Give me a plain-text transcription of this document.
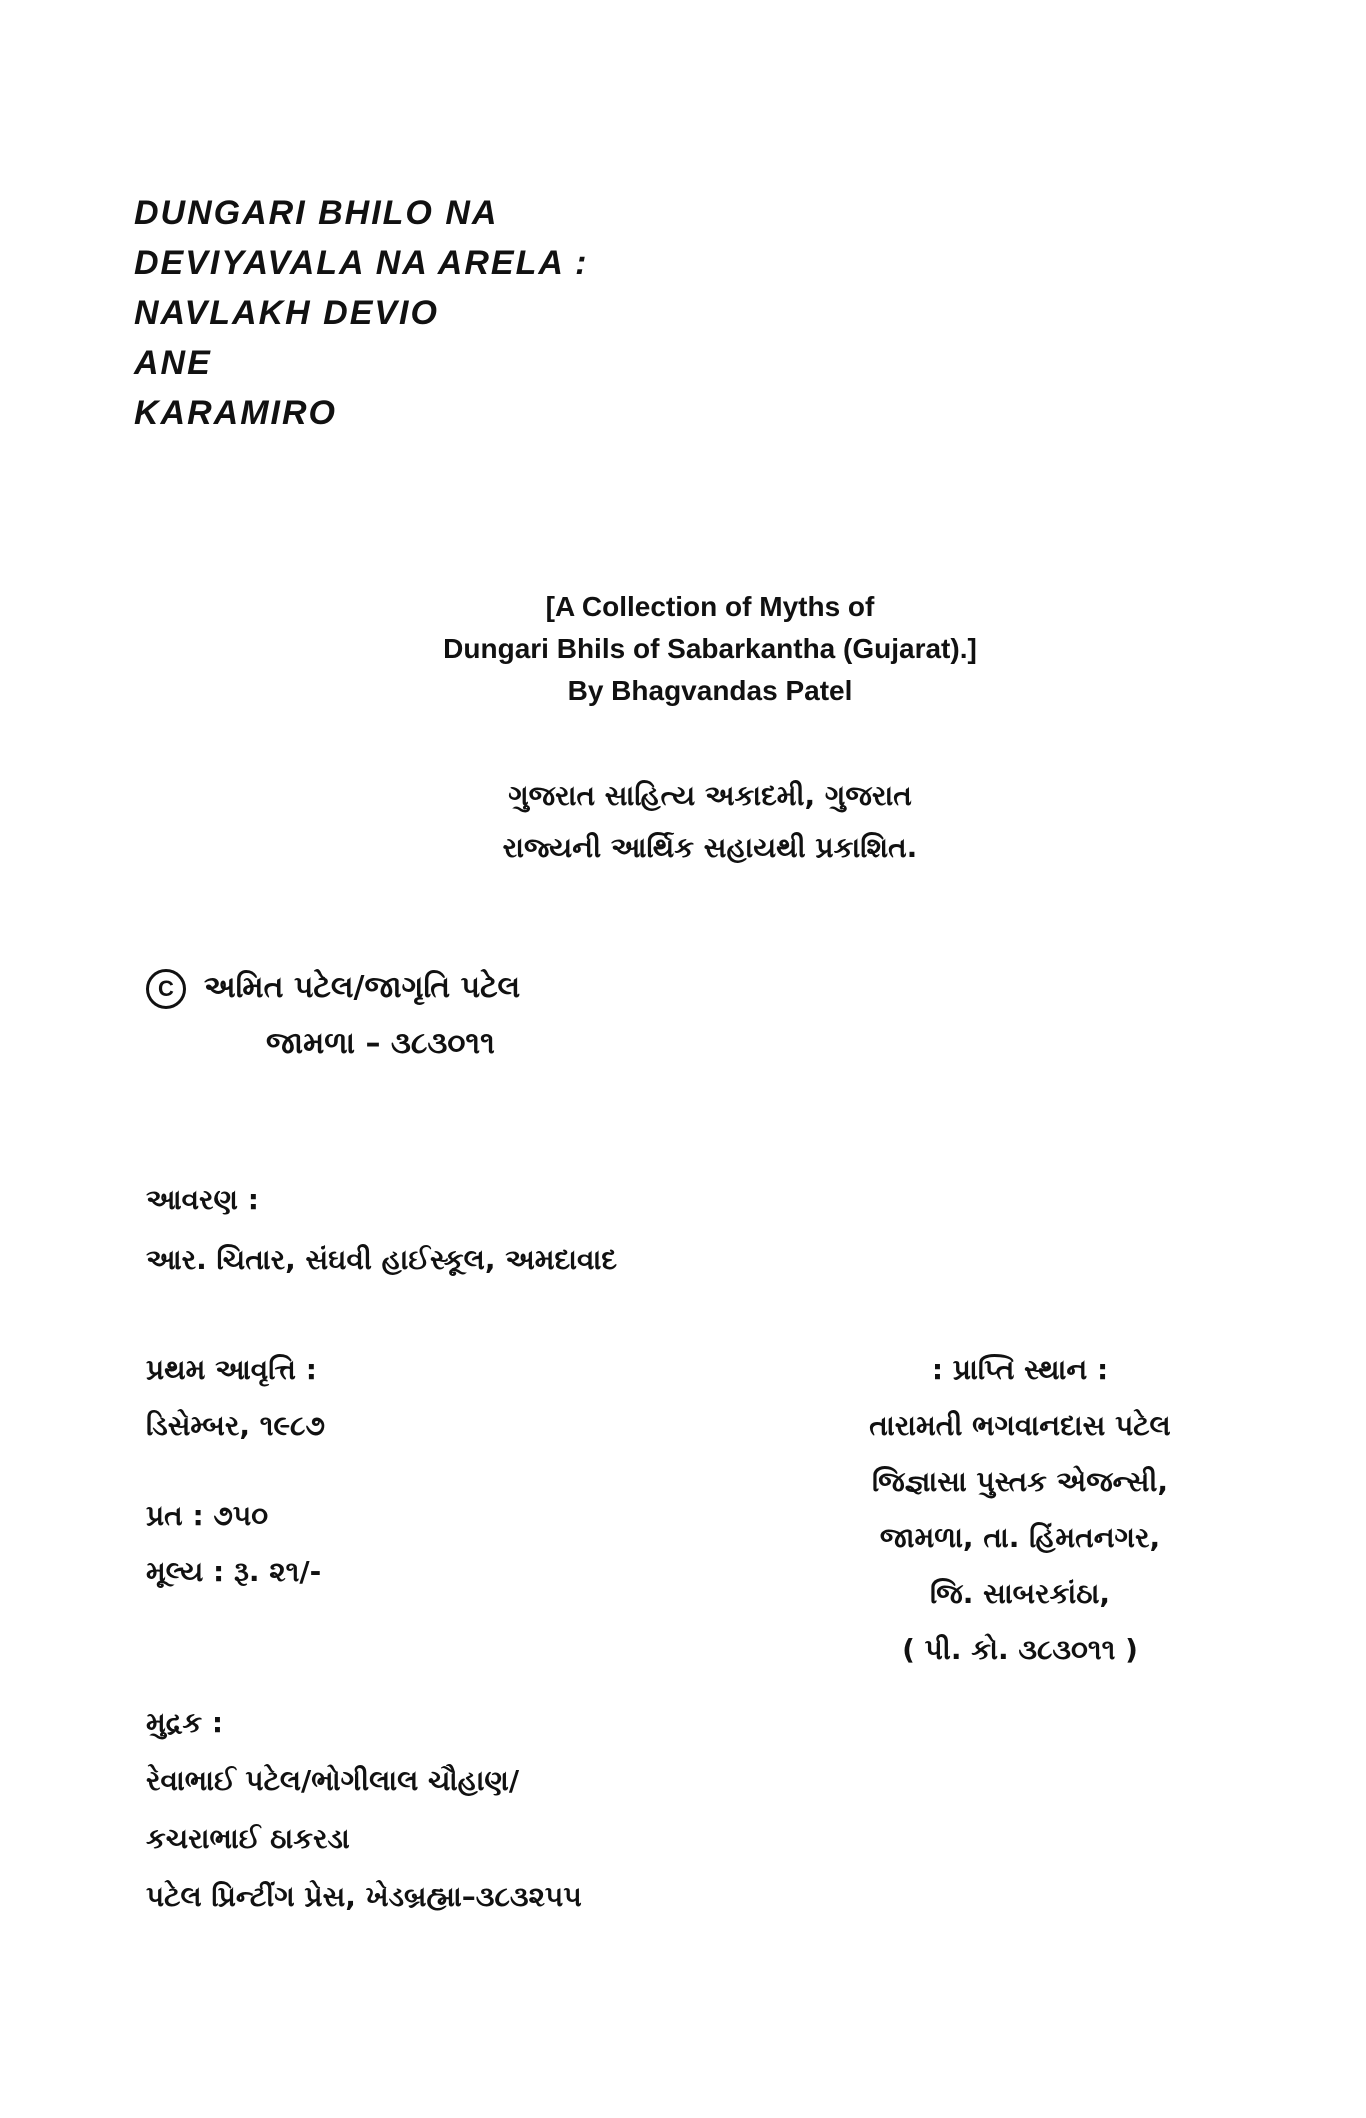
DUNGARI BHILO NA
DEVIYAVALA NA ARELA :
NAVLAKH DEVIO
ANE
KARAMIRO
[A Collection of Myths of
Dungari Bhils of Sabarkantha (Gujarat).]
By Bhagvandas Patel
ગુજરાત સાહિત્ય અકાદમી, ગુજરાત
રાજ્યની આર્થિક સહાયથી પ્રકાશિત.
C અમિત પટેલ/જાગૃતિ પટેલ
જામળા – ૩૮૩૦૧૧
આવરણ :
આર. ચિતાર, સંઘવી હાઈસ્કૂલ, અમદાવાદ
પ્રથમ આવૃત્તિ :
ડિસેમ્બર, ૧૯૮૭
પ્રત : ૭૫૦
મૂલ્ય : રૂ. ૨૧/-
: પ્રાપ્તિ સ્થાન :
તારામતી ભગવાનદાસ પટેલ
જિજ્ઞાસા પુસ્તક એજન્સી,
જામળા, તા. હિંમતનગર,
જિ. સાબરકાંઠા,
( પી. કો. ૩૮૩૦૧૧ )
મુદ્રક :
રેવાભાઈ પટેલ/ભોગીલાલ ચૌહાણ/
કચરાભાઈ ઠાકરડા
પટેલ પ્રિન્ટીંગ પ્રેસ, ખેડબ્રહ્મા–૩૮૩૨૫૫
